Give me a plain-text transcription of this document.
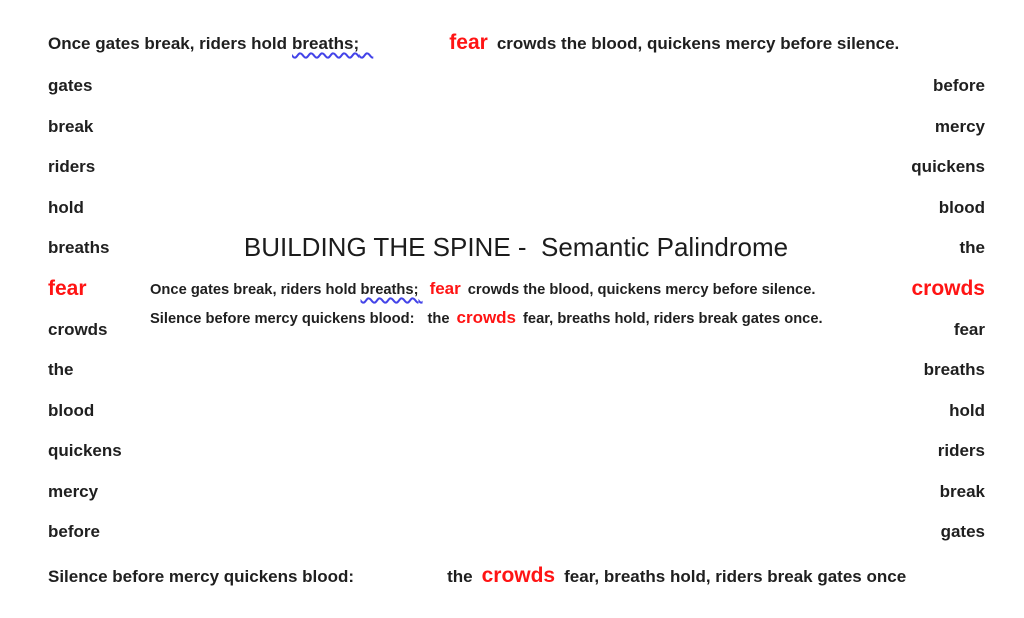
Once gates break, riders hold breaths;	fear crowds the blood, quickens mercy before silence.
gates
break
riders
hold
breaths
fear
crowds
the
blood
quickens
mercy
before
before
mercy
quickens
blood
the
crowds
fear
breaths
hold
riders
break
gates
BUILDING THE SPINE -  Semantic Palindrome
Once gates break, riders hold breaths; fear crowds the blood, quickens mercy before silence.
Silence before mercy quickens blood: the crowds fear, breaths hold, riders break gates once.
Silence before mercy quickens blood:	the crowds fear, breaths hold, riders break gates once
